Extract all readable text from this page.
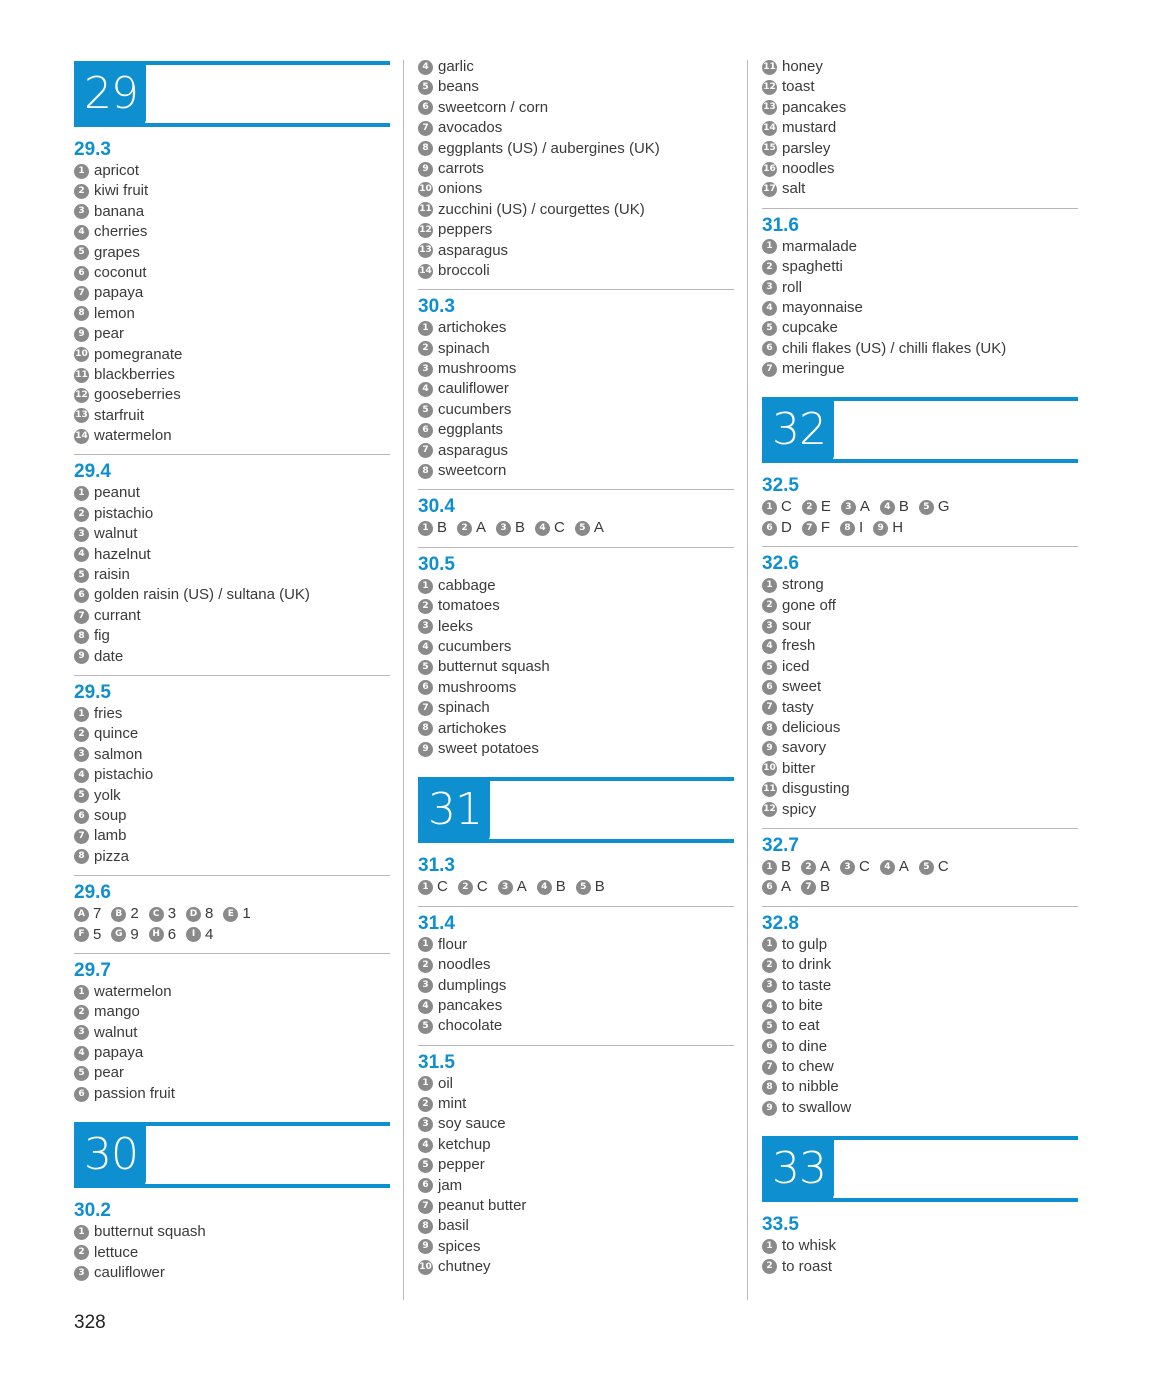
29
29.3
1 apricot
2 kiwi fruit
3 banana
4 cherries
5 grapes
6 coconut
7 papaya
8 lemon
9 pear
10 pomegranate
11 blackberries
12 gooseberries
13 starfruit
14 watermelon
29.4
1 peanut
2 pistachio
3 walnut
4 hazelnut
5 raisin
6 golden raisin (US) / sultana (UK)
7 currant
8 fig
9 date
29.5
1 fries
2 quince
3 salmon
4 pistachio
5 yolk
6 soup
7 lamb
8 pizza
29.6
A 7	B 2	C 3	D 8	E 1
F 5	G 9	H 6	I 4
29.7
1 watermelon
2 mango
3 walnut
4 papaya
5 pear
6 passion fruit
30
30.2
1 butternut squash
2 lettuce
3 cauliflower
4 garlic
5 beans
6 sweetcorn / corn
7 avocados
8 eggplants (US) / aubergines (UK)
9 carrots
10 onions
11 zucchini (US) / courgettes (UK)
12 peppers
13 asparagus
14 broccoli
30.3
1 artichokes
2 spinach
3 mushrooms
4 cauliflower
5 cucumbers
6 eggplants
7 asparagus
8 sweetcorn
30.4
1 B	2 A	3 B	4 C	5 A
30.5
1 cabbage
2 tomatoes
3 leeks
4 cucumbers
5 butternut squash
6 mushrooms
7 spinach
8 artichokes
9 sweet potatoes
31
31.3
1 C	2 C	3 A	4 B	5 B
31.4
1 flour
2 noodles
3 dumplings
4 pancakes
5 chocolate
31.5
1 oil
2 mint
3 soy sauce
4 ketchup
5 pepper
6 jam
7 peanut butter
8 basil
9 spices
10 chutney
11 honey
12 toast
13 pancakes
14 mustard
15 parsley
16 noodles
17 salt
31.6
1 marmalade
2 spaghetti
3 roll
4 mayonnaise
5 cupcake
6 chili flakes (US) / chilli flakes (UK)
7 meringue
32
32.5
1 C	2 E	3 A	4 B	5 G
6 D	7 F	8 I	9 H
32.6
1 strong
2 gone off
3 sour
4 fresh
5 iced
6 sweet
7 tasty
8 delicious
9 savory
10 bitter
11 disgusting
12 spicy
32.7
1 B	2 A	3 C	4 A	5 C
6 A	7 B
32.8
1 to gulp
2 to drink
3 to taste
4 to bite
5 to eat
6 to dine
7 to chew
8 to nibble
9 to swallow
33
33.5
1 to whisk
2 to roast
328
